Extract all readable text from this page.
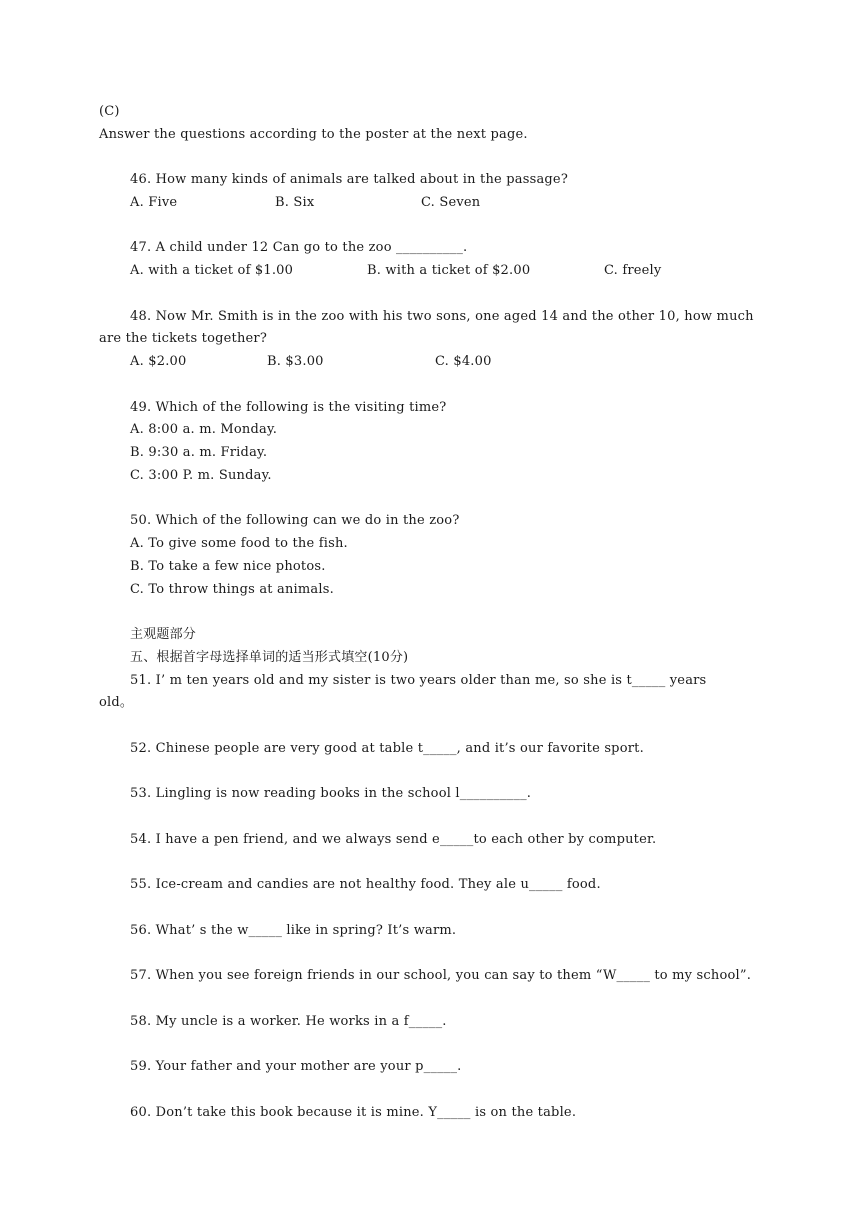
(C)
Answer the questions according to the poster at the next page.
46. How many kinds of animals are talked about in the passage?
A. Five	B. Six	C. Seven
47. A child under 12 Can go to the zoo __________.
A. with a ticket of $1.00	B. with a ticket of $2.00	C. freely
48. Now Mr. Smith is in the zoo with his two sons, one aged 14 and the other 10, how much
are the tickets together?
A. $2.00	B. $3.00	C. $4.00
49. Which of the following is the visiting time?
A. 8:00 a. m. Monday.
B. 9:30 a. m. Friday.
C. 3:00 P. m. Sunday.
50. Which of the following can we do in the zoo?
A. To give some food to the fish.
B. To take a few nice photos.
C. To throw things at animals.
主观题部分
五、根据首字母选择单词的适当形式填空(10分)
51. I’ m ten years old and my sister is two years older than me, so she is t_____ years
old。
52. Chinese people are very good at table t_____, and it’s our favorite sport.
53. Lingling is now reading books in the school l__________.
54. I have a pen friend, and we always send e_____to each other by computer.
55. Ice-cream and candies are not healthy food. They ale u_____ food.
56. What’ s the w_____ like in spring? It’s warm.
57. When you see foreign friends in our school, you can say to them “W_____ to my school”.
58. My uncle is a worker. He works in a f_____.
59. Your father and your mother are your p_____.
60. Don’t take this book because it is mine. Y_____ is on the table.
